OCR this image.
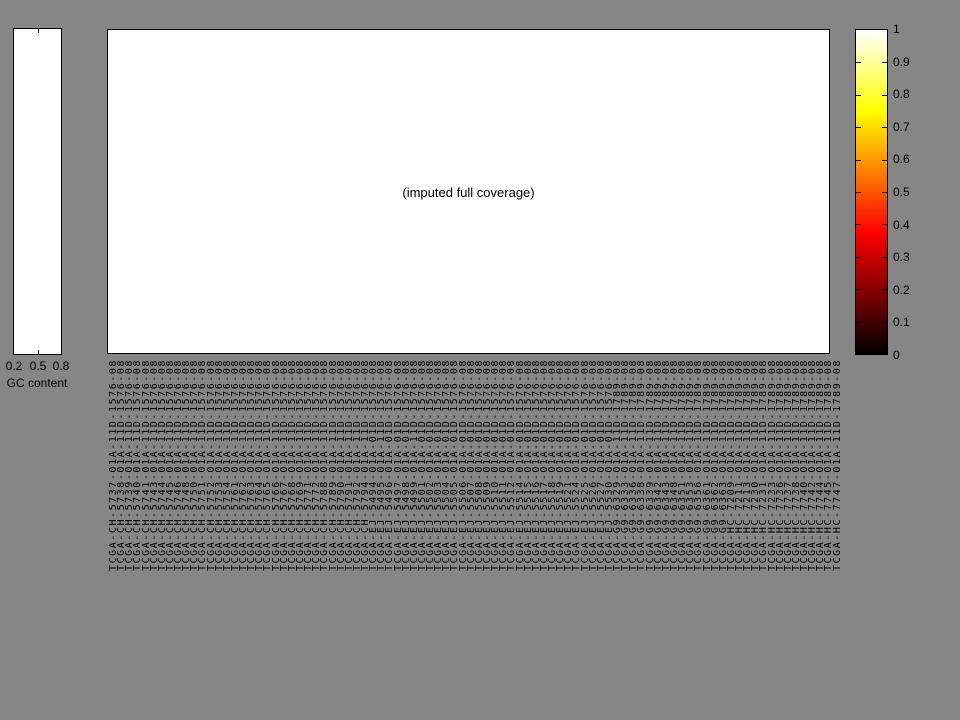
0.2 0.5 0.8
GC content
(imputed full coverage)
0
0.1
0.2
0.3
0.4
0.5
0.6
0.7
0.8
0.9
1
TCGA-CH-5737-01A-11D-1576-08
TCGA-CH-5738-01A-11D-1576-08
TCGA-CH-5739-01A-11D-1576-08
TCGA-CH-5740-01A-11D-1576-08
TCGA-CH-5741-01A-11D-1576-08
TCGA-CH-5743-01A-11D-1576-08
TCGA-CH-5744-01A-11D-1576-08
TCGA-CH-5745-01A-11D-1576-08
TCGA-CH-5746-01A-11D-1576-08
TCGA-CH-5748-01A-11D-1576-08
TCGA-CH-5750-01A-11D-1576-08
TCGA-CH-5751-01A-11D-1576-08
TCGA-CH-5752-01A-11D-1576-08
TCGA-CH-5753-01A-11D-1576-08
TCGA-CH-5754-01A-11D-1576-08
TCGA-CH-5761-01A-11D-1576-08
TCGA-CH-5762-01A-11D-1576-08
TCGA-CH-5763-01A-11D-1576-08
TCGA-CH-5764-01A-11D-1576-08
TCGA-CH-5765-01A-11D-1576-08
TCGA-CH-5766-01A-11D-1576-08
TCGA-CH-5767-01A-11D-1576-08
TCGA-CH-5768-01A-11D-1576-08
TCGA-CH-5769-01A-11D-1576-08
TCGA-CH-5771-01A-11D-1576-08
TCGA-CH-5772-01A-11D-1576-08
TCGA-CH-5788-01A-11D-1576-08
TCGA-CH-5789-01A-11D-1576-08
TCGA-CH-5790-01A-11D-1576-08
TCGA-CH-5791-01A-11D-1576-08
TCGA-CH-5792-01A-11D-1576-08
TCGA-CH-5794-01A-11D-1576-08
TCGA-EJ-5494-01A-01D-1576-08
TCGA-EJ-5495-01A-11D-1576-08
TCGA-EJ-5496-01A-01D-1576-08
TCGA-EJ-5497-01A-01D-1576-08
TCGA-EJ-5498-01A-01D-1576-08
TCGA-EJ-5499-01A-11D-1576-08
TCGA-EJ-5501-01A-01D-1576-08
TCGA-EJ-5502-01A-01D-1576-08
TCGA-EJ-5503-01A-01D-1576-08
TCGA-EJ-5504-01A-01D-1576-08
TCGA-EJ-5505-01A-01D-1576-08
TCGA-EJ-5506-01A-01D-1576-08
TCGA-EJ-5507-01A-01D-1576-08
TCGA-EJ-5508-01A-01D-1576-08
TCGA-EJ-5509-01A-01D-1576-08
TCGA-EJ-5510-01A-01D-1576-08
TCGA-EJ-5511-01A-01D-1576-08
TCGA-EJ-5512-01A-01D-1576-08
TCGA-EJ-5514-01A-01D-1576-08
TCGA-EJ-5515-01A-01D-1576-08
TCGA-EJ-5516-01A-01D-1576-08
TCGA-EJ-5517-01A-01D-1576-08
TCGA-EJ-5518-01A-01D-1576-08
TCGA-EJ-5519-01A-01D-1576-08
TCGA-EJ-5521-01A-01D-1576-08
TCGA-EJ-5524-01A-01D-1576-08
TCGA-EJ-5525-01A-01D-1576-08
TCGA-EJ-5526-01A-01D-1576-08
TCGA-EJ-5527-01A-01D-1576-08
TCGA-EJ-5530-01A-01D-1576-08
TCGA-G9-6329-01A-11D-1789-08
TCGA-G9-6333-01A-11D-1789-08
TCGA-G9-6336-01A-11D-1789-08
TCGA-G9-6338-01A-11D-1789-08
TCGA-G9-6339-01A-11D-1789-08
TCGA-G9-6342-01A-11D-1789-08
TCGA-G9-6343-01A-11D-1789-08
TCGA-G9-6348-01A-11D-1789-08
TCGA-G9-6351-01A-11D-1789-08
TCGA-G9-6353-01A-11D-1789-08
TCGA-G9-6356-01A-11D-1789-08
TCGA-G9-6361-01A-11D-1789-08
TCGA-G9-6362-01A-11D-1789-08
TCGA-G9-6363-01A-11D-1789-08
TCGA-HC-7209-01A-11D-1789-08
TCGA-HC-7211-01A-11D-1789-08
TCGA-HC-7213-01A-11D-1789-08
TCGA-HC-7230-01A-11D-1789-08
TCGA-HC-7231-01A-11D-1789-08
TCGA-HC-7233-01A-11D-1789-08
TCGA-HC-7736-01A-11D-1789-08
TCGA-HC-7737-01A-11D-1789-08
TCGA-HC-7738-01A-11D-1789-08
TCGA-HC-7740-01A-11D-1789-08
TCGA-HC-7742-01A-11D-1789-08
TCGA-HC-7744-01A-11D-1789-08
TCGA-HC-7745-01A-11D-1789-08
TCGA-HC-7747-01A-11D-1789-08
